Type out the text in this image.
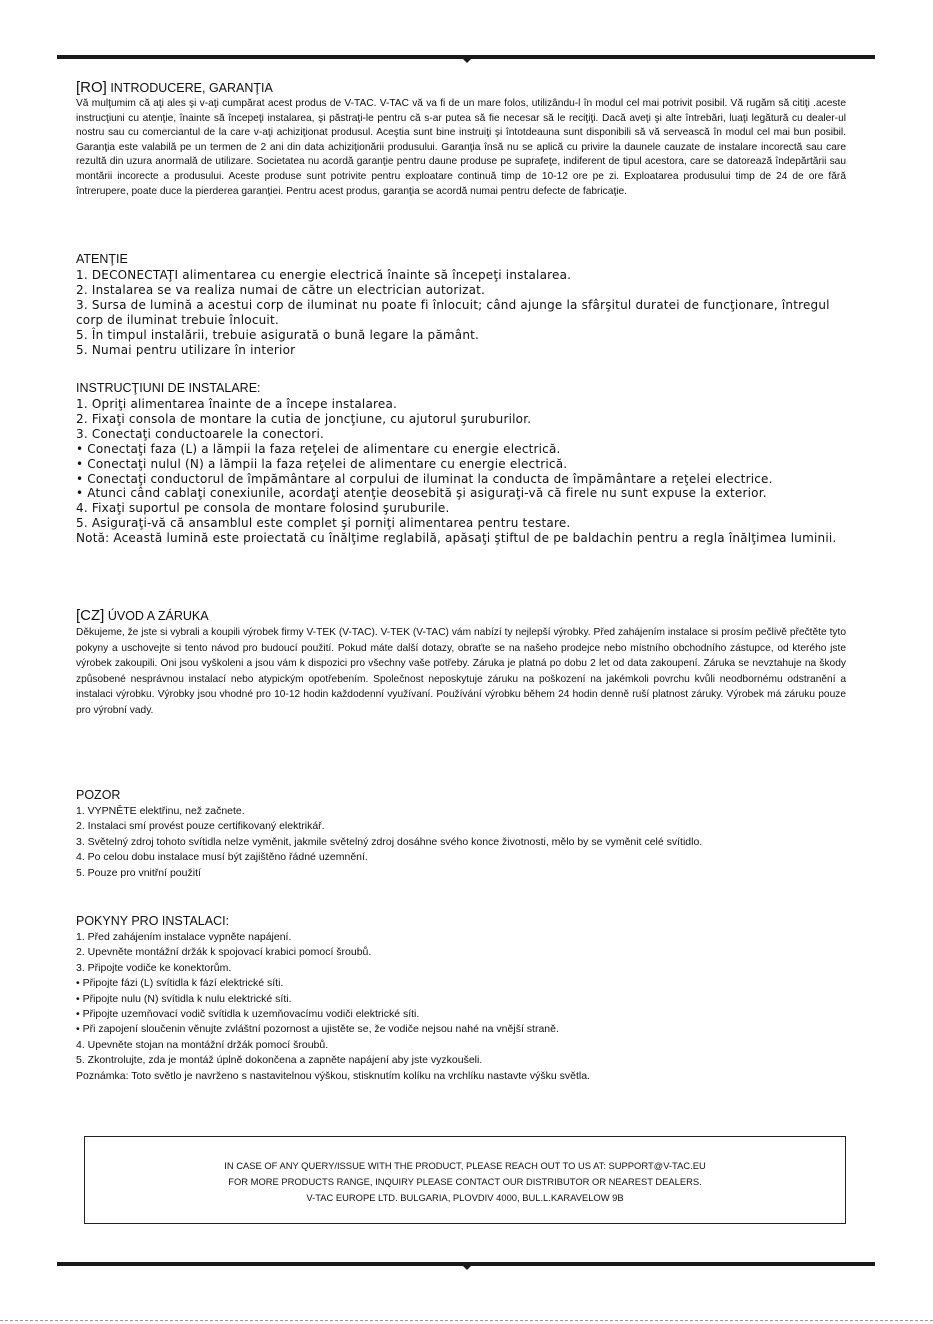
[RO] INTRODUCERE, GARANŢIA

Vă mulţumim că aţi ales şi v-aţi cumpărat acest produs de V-TAC. V-TAC vă va fi de un mare folos, utilizându-l în modul cel mai potrivit posibil. Vă rugăm să citiţi .aceste instrucţiuni cu atenţie, înainte să începeţi instalarea, şi păstraţi-le pentru că s-ar putea să fie necesar să le reciţiţi. Dacă aveţi şi alte întrebări, luaţi legătură cu dealer-ul nostru sau cu comerciantul de la care v-aţi achiziţionat produsul. Aceştia sunt bine instruiţi şi întotdeauna sunt disponibili să vă servească în modul cel mai bun posibil. Garanţia este valabilă pe un termen de 2 ani din data achiziţionării produsului. Garanţia însă nu se aplică cu privire la daunele cauzate de instalare incorectă sau care rezultă din uzura anormală de utilizare. Societatea nu acordă garanţie pentru daune produse pe suprafeţe, indiferent de tipul acestora, care se datorează îndepărtării sau montării incorecte a produsului. Aceste produse sunt potrivite pentru exploatare continuă timp de 10-12 ore pe zi. Exploatarea produsului timp de 24 de ore fără întrerupere, poate duce la pierderea garanţiei. Pentru acest produs, garanţia se acordă numai pentru defecte de fabricaţie.

ATENŢIE
1. DECONECTAŢI alimentarea cu energie electrică înainte să începeţi instalarea.
2. Instalarea se va realiza numai de către un electrician autorizat.
3. Sursa de lumină a acestui corp de iluminat nu poate fi înlocuit; când ajunge la sfârşitul duratei de funcţionare, întregul corp de iluminat trebuie înlocuit.
5. În timpul instalării, trebuie asigurată o bună legare la pământ.
5. Numai pentru utilizare în interior
INSTRUCŢIUNI DE INSTALARE:
1. Opriţi alimentarea înainte de a începe instalarea.
2. Fixaţi consola de montare la cutia de joncţiune, cu ajutorul şuruburilor.
3. Conectaţi conductoarele la conectori.
• Conectaţi faza (L) a lămpii la faza reţelei de alimentare cu energie electrică.
• Conectaţi nulul (N) a lămpii la faza reţelei de alimentare cu energie electrică.
• Conectaţi conductorul de împământare al corpului de iluminat la conducta de împământare a reţelei electrice.
• Atunci când cablaţi conexiunile, acordaţi atenţie deosebită şi asiguraţi-vă că firele nu sunt expuse la exterior.
4. Fixaţi suportul pe consola de montare folosind şuruburile.
5. Asiguraţi-vă că ansamblul este complet şi porniţi alimentarea pentru testare.
Notă: Această lumină este proiectată cu înălţime reglabilă, apăsaţi ştiftul de pe baldachin pentru a regla înălţimea luminii.
[CZ] ÚVOD A ZÁRUKA

Děkujeme, že jste si vybrali a koupili výrobek firmy V-TEK (V-TAC). V-TEK (V-TAC) vám nabízí ty nejlepší výrobky. Před zahájením instalace si prosím pečlivě přečtěte tyto pokyny a uschovejte si tento návod pro budoucí použití. Pokud máte další dotazy, obraťte se na našeho prodejce nebo místního obchodního zástupce, od kterého jste výrobek zakoupili. Oni jsou vyškoleni a jsou vám k dispozici pro všechny vaše potřeby. Záruka je platná po dobu 2 let od data zakoupení. Záruka se nevztahuje na škody způsobené nesprávnou instalací nebo atypickým opotřebením. Společnost neposkytuje záruku na poškození na jakémkoli povrchu kvůli neodbornému odstranění a instalaci výrobku. Výrobky jsou vhodné pro 10-12 hodin každodenní využívaní. Používání výrobku během 24 hodin denně ruší platnost záruky. Výrobek má záruku pouze pro výrobní vady.

POZOR
1. VYPNĚTE elektřinu, než začnete.
2. Instalaci smí provést pouze certifikovaný elektrikář.
3. Světelný zdroj tohoto svítidla nelze vyměnit, jakmile světelný zdroj dosáhne svého konce životnosti, mělo by se vyměnit celé svítidlo.
4. Po celou dobu instalace musí být zajištěno řádné uzemnění.
5. Pouze pro vnitřní použití
POKYNY PRO INSTALACI:
1. Před zahájením instalace vypněte napájení.
2. Upevněte montážní držák k spojovací krabici pomocí šroubů.
3. Připojte vodiče ke konektorům.
• Připojte fázi (L) svítidla k fází elektrické síti.
• Připojte nulu (N) svítidla k nulu elektrické síti.
• Připojte uzemňovací vodič svítidla k uzemňovacímu vodiči elektrické síti.
• Při zapojení sloučenin věnujte zvláštní pozornost a ujistěte se, že vodiče nejsou nahé na vnější straně.
4. Upevněte stojan na montážní držák pomocí šroubů.
5. Zkontrolujte, zda je montáž úplně dokončena a zapněte napájení aby jste vyzkoušeli.
Poznámka: Toto světlo je navrženo s nastavitelnou výškou, stisknutím kolíku na vrchlíku nastavte výšku světla.
IN CASE OF ANY QUERY/ISSUE WITH THE PRODUCT, PLEASE REACH OUT TO US AT: SUPPORT@V-TAC.EU
FOR MORE PRODUCTS RANGE, INQUIRY PLEASE CONTACT OUR DISTRIBUTOR OR NEAREST DEALERS.
V-TAC EUROPE LTD. BULGARIA, PLOVDIV 4000, BUL.L.KARAVELOW 9B
